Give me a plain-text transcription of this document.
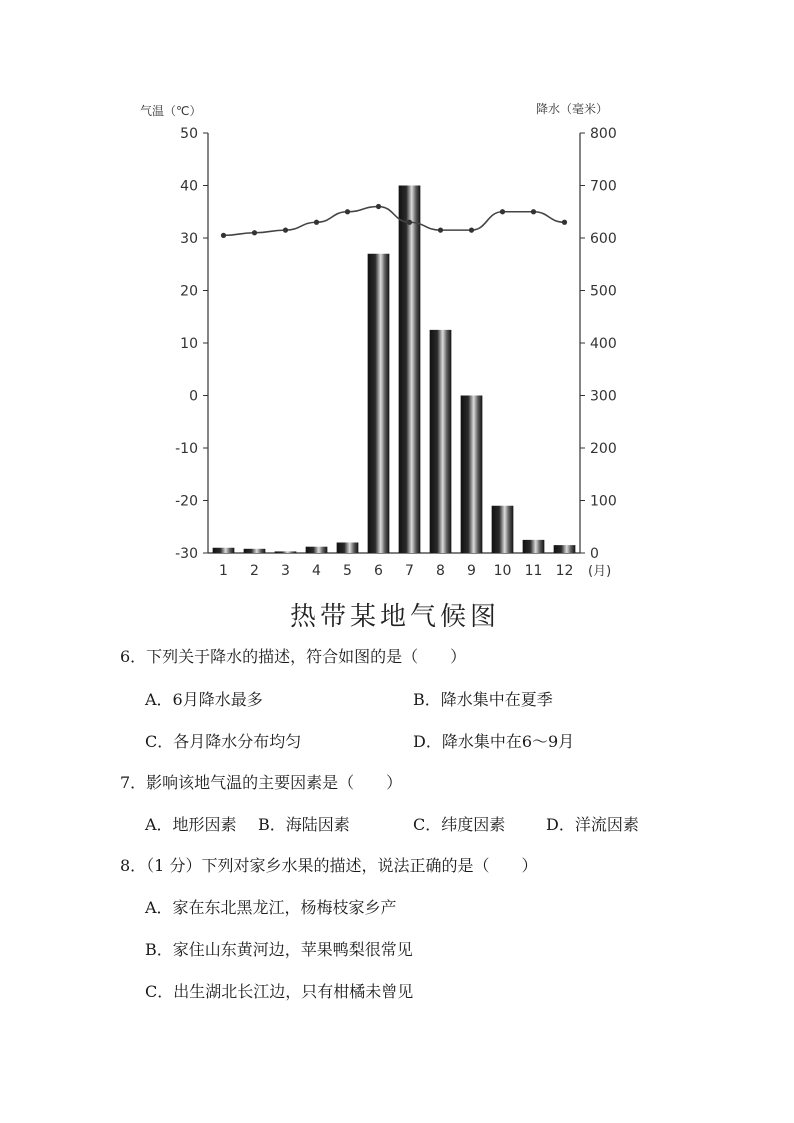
气温（℃）	降水（毫米）
50
40
30
20
10
0
-10
-20
-30
800
700
600
500
400
300
200
100
0
1 2 3 4 5 6 7 8 9 10 11 12 (月)
热带某地气候图
6．下列关于降水的描述，符合如图的是（　　）
A．6月降水最多	B．降水集中在夏季
C．各月降水分布均匀	D．降水集中在6～9月
7．影响该地气温的主要因素是（　　）
A．地形因素 B．海陆因素	C．纬度因素	D．洋流因素
8．（1 分）下列对家乡水果的描述，说法正确的是（　　）
A．家在东北黑龙江，杨梅枝家乡产
B．家住山东黄河边，苹果鸭梨很常见
C．出生湖北长江边，只有柑橘未曾见
